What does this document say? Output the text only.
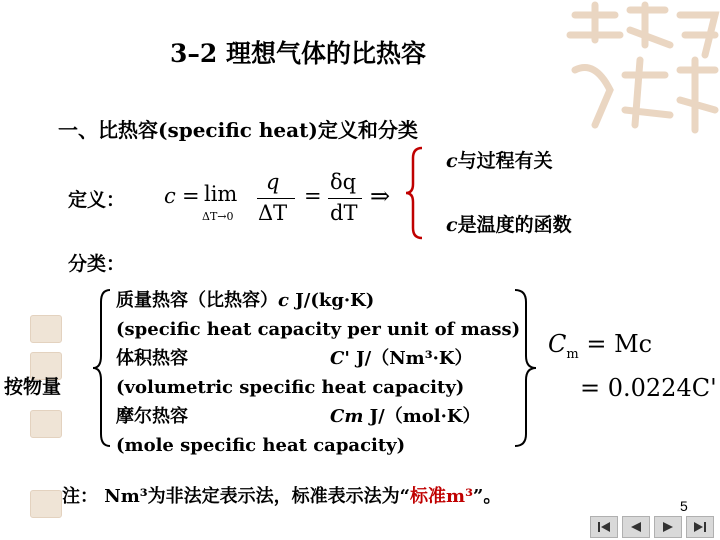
3–2 理想气体的比热容
一、比热容(specific heat)定义和分类
定义： c = lim
ΔT→0
q
ΔT
=
δq
dT
⇒
c与过程有关
c是温度的函数
分类：
按物量
质量热容（比热容）c J/(kg·K)
(specific heat capacity per unit of mass)
体积热容	C' J/（Nm³·K）
(volumetric specific heat capacity)
摩尔热容	Cm J/（mol·K）
(mole specific heat capacity)
$C_m = Mc$
= 0.0224C'
注： Nm³为非法定表示法，标准表示法为“标准m³”。	5
